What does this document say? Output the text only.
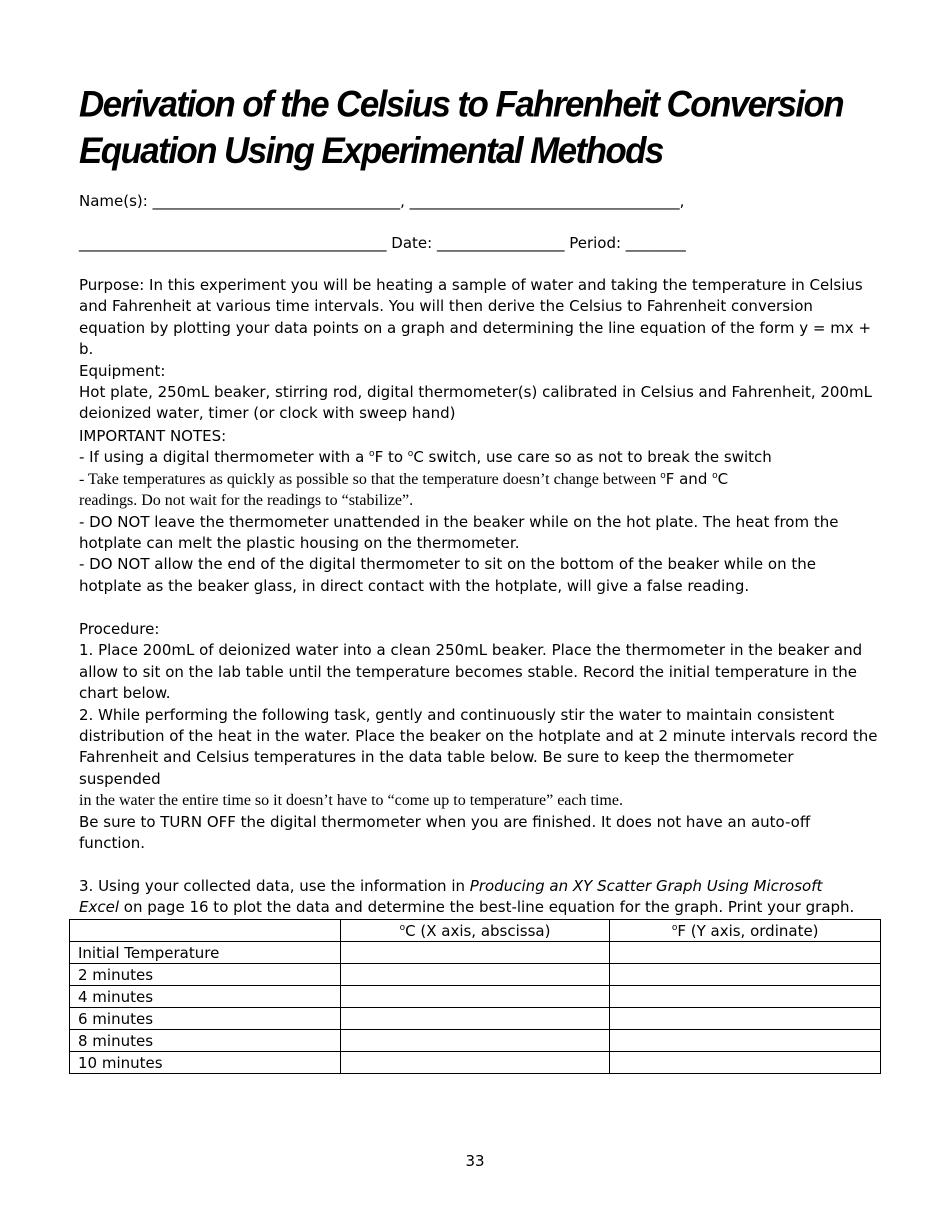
Derivation of the Celsius to Fahrenheit Conversion
Equation Using Experimental Methods
Name(s): _________________________________, ____________________________________,
_________________________________________ Date: _________________ Period: ________
Purpose: In this experiment you will be heating a sample of water and taking the temperature in Celsius
and Fahrenheit at various time intervals. You will then derive the Celsius to Fahrenheit conversion
equation by plotting your data points on a graph and determining the line equation of the form y = mx + b.
Equipment:
Hot plate, 250mL beaker, stirring rod, digital thermometer(s) calibrated in Celsius and Fahrenheit, 200mL
deionized water, timer (or clock with sweep hand)
IMPORTANT NOTES:
- If using a digital thermometer with a $^o$F to $^o$C switch, use care so as not to break the switch
- Take temperatures as quickly as possible so that the temperature doesn’t change between $^o$F and $^o$C
readings. Do not wait for the readings to “stabilize”.
- DO NOT leave the thermometer unattended in the beaker while on the hot plate. The heat from the
hotplate can melt the plastic housing on the thermometer.
- DO NOT allow the end of the digital thermometer to sit on the bottom of the beaker while on the
hotplate as the beaker glass, in direct contact with the hotplate, will give a false reading.
Procedure:
1. Place 200mL of deionized water into a clean 250mL beaker. Place the thermometer in the beaker and
allow to sit on the lab table until the temperature becomes stable. Record the initial temperature in the
chart below.
2. While performing the following task, gently and continuously stir the water to maintain consistent
distribution of the heat in the water. Place the beaker on the hotplate and at 2 minute intervals record the
Fahrenheit and Celsius temperatures in the data table below. Be sure to keep the thermometer suspended
in the water the entire time so it doesn’t have to “come up to temperature” each time.
Be sure to TURN OFF the digital thermometer when you are finished. It does not have an auto-off
function.
3. Using your collected data, use the information in Producing an XY Scatter Graph Using Microsoft
Excel on page 16 to plot the data and determine the best-line equation for the graph. Print your graph.
	$^o$C (X axis, abscissa)	$^o$F (Y axis, ordinate)
Initial Temperature		
2 minutes		
4 minutes		
6 minutes		
8 minutes		
10 minutes		
33
